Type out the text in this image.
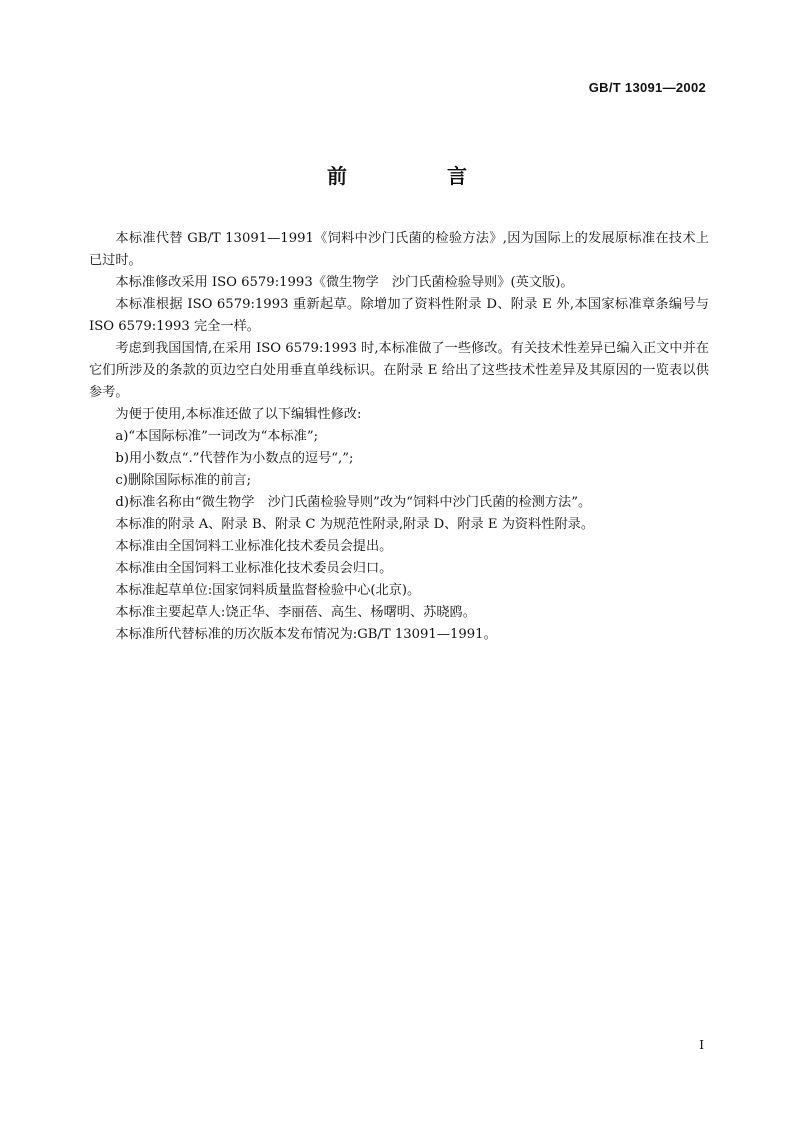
GB/T 13091—2002
前　言

本标准代替 GB/T 13091—1991《饲料中沙门氏菌的检验方法》,因为国际上的发展原标准在技术上已过时。

本标准修改采用 ISO 6579:1993《微生物学　沙门氏菌检验导则》(英文版)。

本标准根据 ISO 6579:1993 重新起草。除增加了资料性附录 D、附录 E 外,本国家标准章条编号与 ISO 6579:1993 完全一样。

考虑到我国国情,在采用 ISO 6579:1993 时,本标准做了一些修改。有关技术性差异已编入正文中并在它们所涉及的条款的页边空白处用垂直单线标识。在附录 E 给出了这些技术性差异及其原因的一览表以供参考。

为便于使用,本标准还做了以下编辑性修改:

a)“本国际标准”一词改为“本标准”;

b)用小数点“.”代替作为小数点的逗号“,”;

c)删除国际标准的前言;

d)标准名称由“微生物学　沙门氏菌检验导则”改为“饲料中沙门氏菌的检测方法”。

本标准的附录 A、附录 B、附录 C 为规范性附录,附录 D、附录 E 为资料性附录。

本标准由全国饲料工业标准化技术委员会提出。

本标准由全国饲料工业标准化技术委员会归口。

本标准起草单位:国家饲料质量监督检验中心(北京)。

本标准主要起草人:饶正华、李丽蓓、高生、杨曙明、苏晓鸥。

本标准所代替标准的历次版本发布情况为:GB/T 13091—1991。

I
